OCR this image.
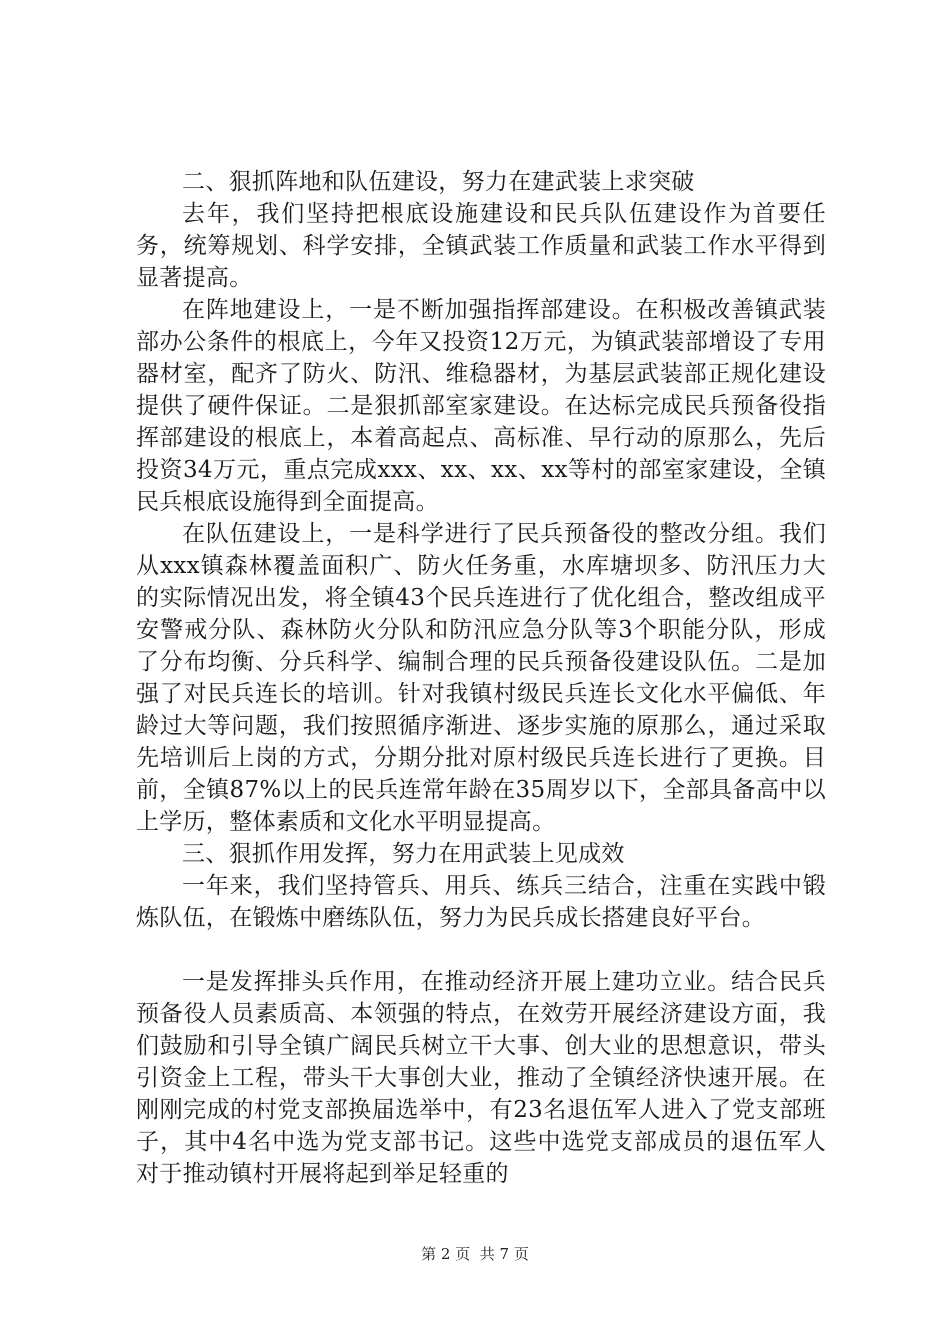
二、狠抓阵地和队伍建设，努力在建武装上求突破

去年，我们坚持把根底设施建设和民兵队伍建设作为首要任务，统筹规划、科学安排，全镇武装工作质量和武装工作水平得到显著提高。

在阵地建设上，一是不断加强指挥部建设。在积极改善镇武装部办公条件的根底上，今年又投资12万元，为镇武装部增设了专用器材室，配齐了防火、防汛、维稳器材，为基层武装部正规化建设提供了硬件保证。二是狠抓部室家建设。在达标完成民兵预备役指挥部建设的根底上，本着高起点、高标准、早行动的原那么，先后投资34万元，重点完成xxx、xx、xx、xx等村的部室家建设，全镇民兵根底设施得到全面提高。

在队伍建设上，一是科学进行了民兵预备役的整改分组。我们从xxx镇森林覆盖面积广、防火任务重，水库塘坝多、防汛压力大的实际情况出发，将全镇43个民兵连进行了优化组合，整改组成平安警戒分队、森林防火分队和防汛应急分队等3个职能分队，形成了分布均衡、分兵科学、编制合理的民兵预备役建设队伍。二是加强了对民兵连长的培训。针对我镇村级民兵连长文化水平偏低、年龄过大等问题，我们按照循序渐进、逐步实施的原那么，通过采取先培训后上岗的方式，分期分批对原村级民兵连长进行了更换。目前，全镇87%以上的民兵连常年龄在35周岁以下，全部具备高中以上学历，整体素质和文化水平明显提高。

三、狠抓作用发挥，努力在用武装上见成效

一年来，我们坚持管兵、用兵、练兵三结合，注重在实践中锻炼队伍，在锻炼中磨练队伍，努力为民兵成长搭建良好平台。

一是发挥排头兵作用，在推动经济开展上建功立业。结合民兵预备役人员素质高、本领强的特点，在效劳开展经济建设方面，我们鼓励和引导全镇广阔民兵树立干大事、创大业的思想意识，带头引资金上工程，带头干大事创大业，推动了全镇经济快速开展。在刚刚完成的村党支部换届选举中，有23名退伍军人进入了党支部班子，其中4名中选为党支部书记。这些中选党支部成员的退伍军人对于推动镇村开展将起到举足轻重的

第 2 页  共 7 页
